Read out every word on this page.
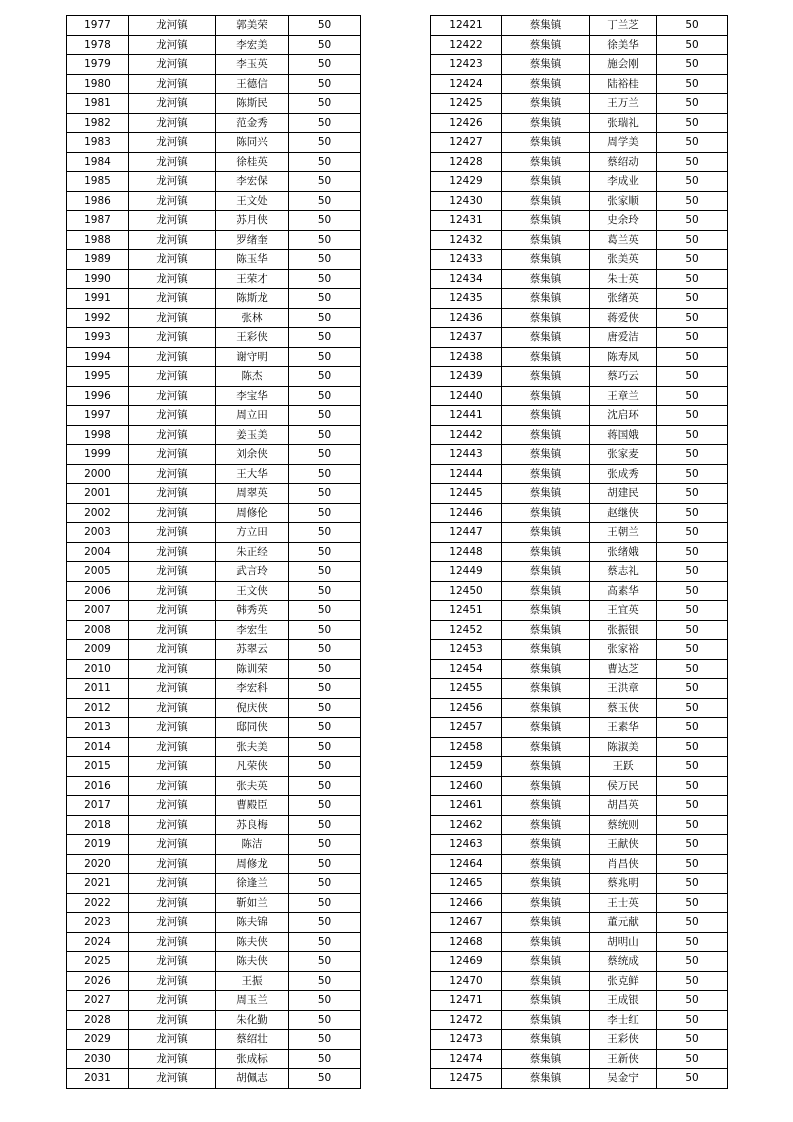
1977	龙河镇	郭美荣	50
1978	龙河镇	李宏美	50
1979	龙河镇	李玉英	50
1980	龙河镇	王德信	50
1981	龙河镇	陈斯民	50
1982	龙河镇	范金秀	50
1983	龙河镇	陈同兴	50
1984	龙河镇	徐桂英	50
1985	龙河镇	李宏保	50
1986	龙河镇	王文处	50
1987	龙河镇	苏月侠	50
1988	龙河镇	罗绪奎	50
1989	龙河镇	陈玉华	50
1990	龙河镇	王荣才	50
1991	龙河镇	陈斯龙	50
1992	龙河镇	张林	50
1993	龙河镇	王彩侠	50
1994	龙河镇	谢守明	50
1995	龙河镇	陈杰	50
1996	龙河镇	李宝华	50
1997	龙河镇	周立田	50
1998	龙河镇	姜玉美	50
1999	龙河镇	刘余侠	50
2000	龙河镇	王大华	50
2001	龙河镇	周翠英	50
2002	龙河镇	周修伦	50
2003	龙河镇	方立田	50
2004	龙河镇	朱正经	50
2005	龙河镇	武言玲	50
2006	龙河镇	王文侠	50
2007	龙河镇	韩秀英	50
2008	龙河镇	李宏生	50
2009	龙河镇	苏翠云	50
2010	龙河镇	陈训荣	50
2011	龙河镇	李宏科	50
2012	龙河镇	倪庆侠	50
2013	龙河镇	邸同侠	50
2014	龙河镇	张夫美	50
2015	龙河镇	凡荣侠	50
2016	龙河镇	张夫英	50
2017	龙河镇	曹殿臣	50
2018	龙河镇	苏良梅	50
2019	龙河镇	陈洁	50
2020	龙河镇	周修龙	50
2021	龙河镇	徐逢兰	50
2022	龙河镇	靳如兰	50
2023	龙河镇	陈夫锦	50
2024	龙河镇	陈夫侠	50
2025	龙河镇	陈夫侠	50
2026	龙河镇	王振	50
2027	龙河镇	周玉兰	50
2028	龙河镇	朱化勤	50
2029	龙河镇	蔡绍壮	50
2030	龙河镇	张成标	50
2031	龙河镇	胡佩志	50
12421	蔡集镇	丁兰芝	50
12422	蔡集镇	徐美华	50
12423	蔡集镇	施会刚	50
12424	蔡集镇	陆裕桂	50
12425	蔡集镇	王万兰	50
12426	蔡集镇	张瑞礼	50
12427	蔡集镇	周学美	50
12428	蔡集镇	蔡绍动	50
12429	蔡集镇	李成业	50
12430	蔡集镇	张家顺	50
12431	蔡集镇	史余玲	50
12432	蔡集镇	葛兰英	50
12433	蔡集镇	张美英	50
12434	蔡集镇	朱士英	50
12435	蔡集镇	张绪英	50
12436	蔡集镇	蒋爱侠	50
12437	蔡集镇	唐爱洁	50
12438	蔡集镇	陈寿凤	50
12439	蔡集镇	蔡巧云	50
12440	蔡集镇	王章兰	50
12441	蔡集镇	沈启环	50
12442	蔡集镇	蒋国娥	50
12443	蔡集镇	张家麦	50
12444	蔡集镇	张成秀	50
12445	蔡集镇	胡建民	50
12446	蔡集镇	赵继侠	50
12447	蔡集镇	王朝兰	50
12448	蔡集镇	张绪娥	50
12449	蔡集镇	蔡志礼	50
12450	蔡集镇	高素华	50
12451	蔡集镇	王宜英	50
12452	蔡集镇	张振银	50
12453	蔡集镇	张家裕	50
12454	蔡集镇	曹达芝	50
12455	蔡集镇	王洪章	50
12456	蔡集镇	蔡玉侠	50
12457	蔡集镇	王素华	50
12458	蔡集镇	陈淑美	50
12459	蔡集镇	王跃	50
12460	蔡集镇	侯万民	50
12461	蔡集镇	胡昌英	50
12462	蔡集镇	蔡统则	50
12463	蔡集镇	王献侠	50
12464	蔡集镇	肖昌侠	50
12465	蔡集镇	蔡兆明	50
12466	蔡集镇	王士英	50
12467	蔡集镇	董元献	50
12468	蔡集镇	胡明山	50
12469	蔡集镇	蔡统成	50
12470	蔡集镇	张克鲜	50
12471	蔡集镇	王成银	50
12472	蔡集镇	李士红	50
12473	蔡集镇	王彩侠	50
12474	蔡集镇	王新侠	50
12475	蔡集镇	吴金宁	50
